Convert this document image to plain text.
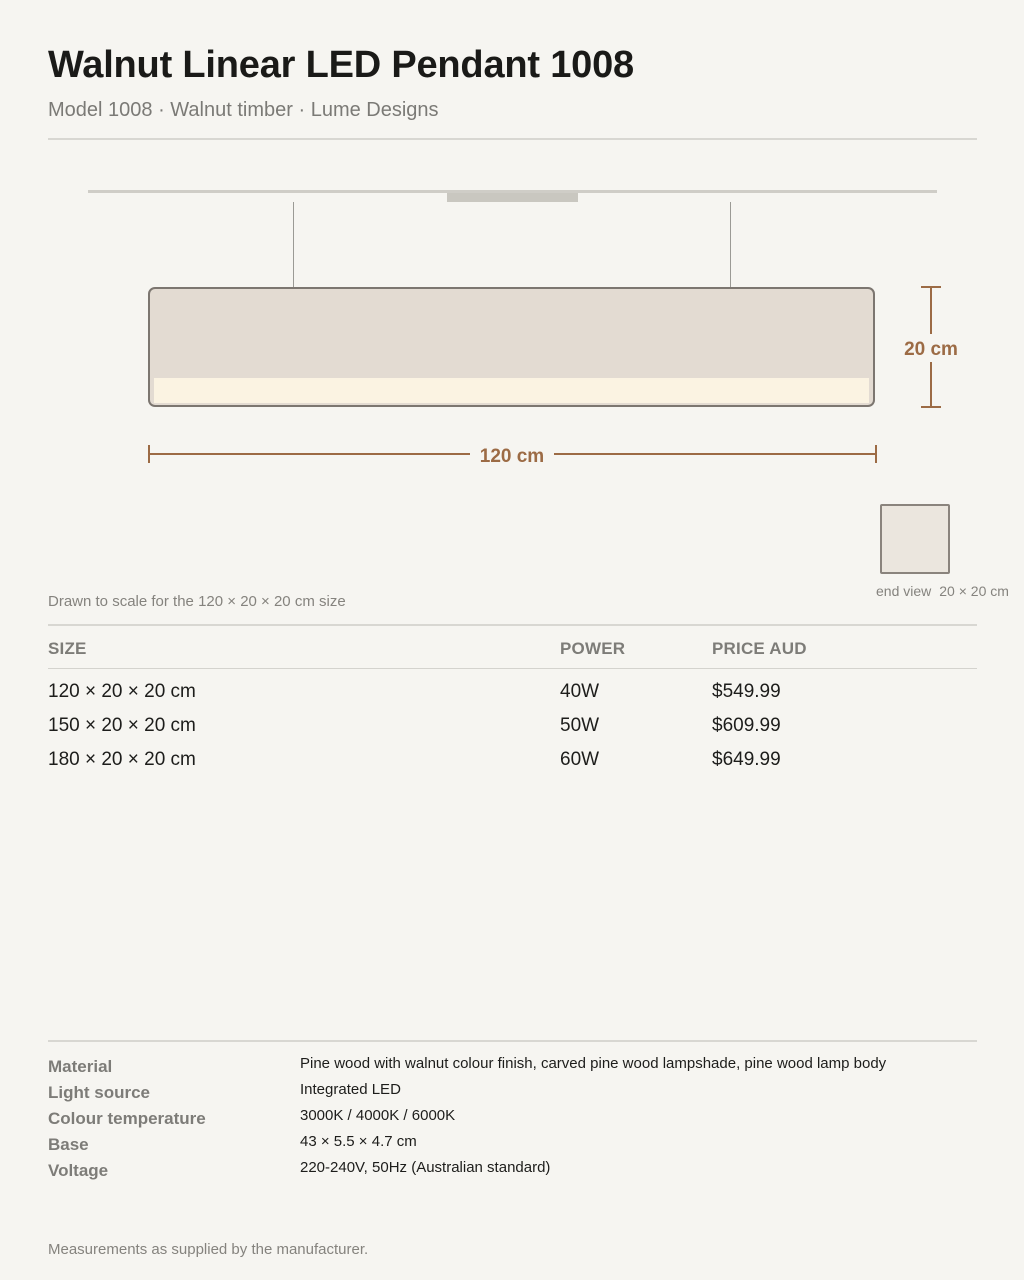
Walnut Linear LED Pendant 1008
Model 1008 · Walnut timber · Lume Designs
120 cm
20 cm
end view 20 × 20 cm
Drawn to scale for the 120 × 20 × 20 cm size
SIZE	POWER	PRICE AUD
120 × 20 × 20 cm	40W	$549.99
150 × 20 × 20 cm	50W	$609.99
180 × 20 × 20 cm	60W	$649.99
Material	Pine wood with walnut colour finish, carved pine wood lampshade, pine wood lamp body
Light source	Integrated LED
Colour temperature	3000K / 4000K / 6000K
Base	43 × 5.5 × 4.7 cm
Voltage	220-240V, 50Hz (Australian standard)
Measurements as supplied by the manufacturer.
